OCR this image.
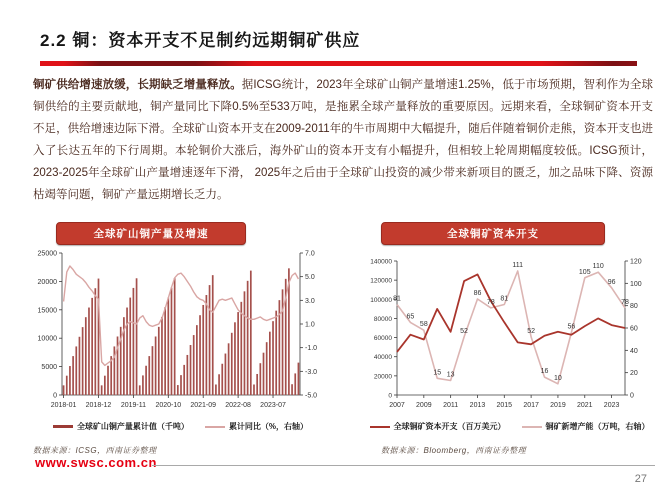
2.2 铜：资本开支不足制约远期铜矿供应
铜矿供给增速放缓，长期缺乏增量释放。据ICSG统计，2023年全球矿山铜产量增速1.25%，低于市场预期，智利作为全球铜供给的主要贡献地，铜产量同比下降0.5%至533万吨，是拖累全球产量释放的重要原因。远期来看，全球铜矿资本开支不足，供给增速边际下滑。全球矿山资本开支在2009-2011年的牛市周期中大幅提升，随后伴随着铜价走熊，资本开支也进入了长达五年的下行周期。本轮铜价大涨后，海外矿山的资本开支有小幅提升，但相较上轮周期幅度较低。ICSG预计，2023-2025年全球矿山产量增速逐年下滑， 2025年之后由于全球矿山投资的减少带来新项目的匮乏，加之品味下降、资源枯竭等问题，铜矿产量远期增长乏力。
全球矿山铜产量及增速
0
5000
10000
15000
20000
25000
-5.0
-3.0
-1.0
1.0
3.0
5.0
7.0
2018-01 2018-12 2019-11 2020-10 2021-09 2022-08 2023-07
全球矿山铜产量累计值（千吨）	累计同比（%，右轴）
数据来源：ICSG，西南证券整理
全球铜矿资本开支
0
20000
40000
60000
80000
100000
120000
140000
0
20
40
60
80
100
120
2007 2009 2011 2013 2015 2017 2019 2021 2023
81
65
58
15 13
52
86
78 81
111
52
16
10
56
105
110
96
78
全球铜矿资本开支（百万美元）	铜矿新增产能（万吨，右轴）
数据来源：Bloomberg，西南证券整理
www.swsc.com.cn
27
